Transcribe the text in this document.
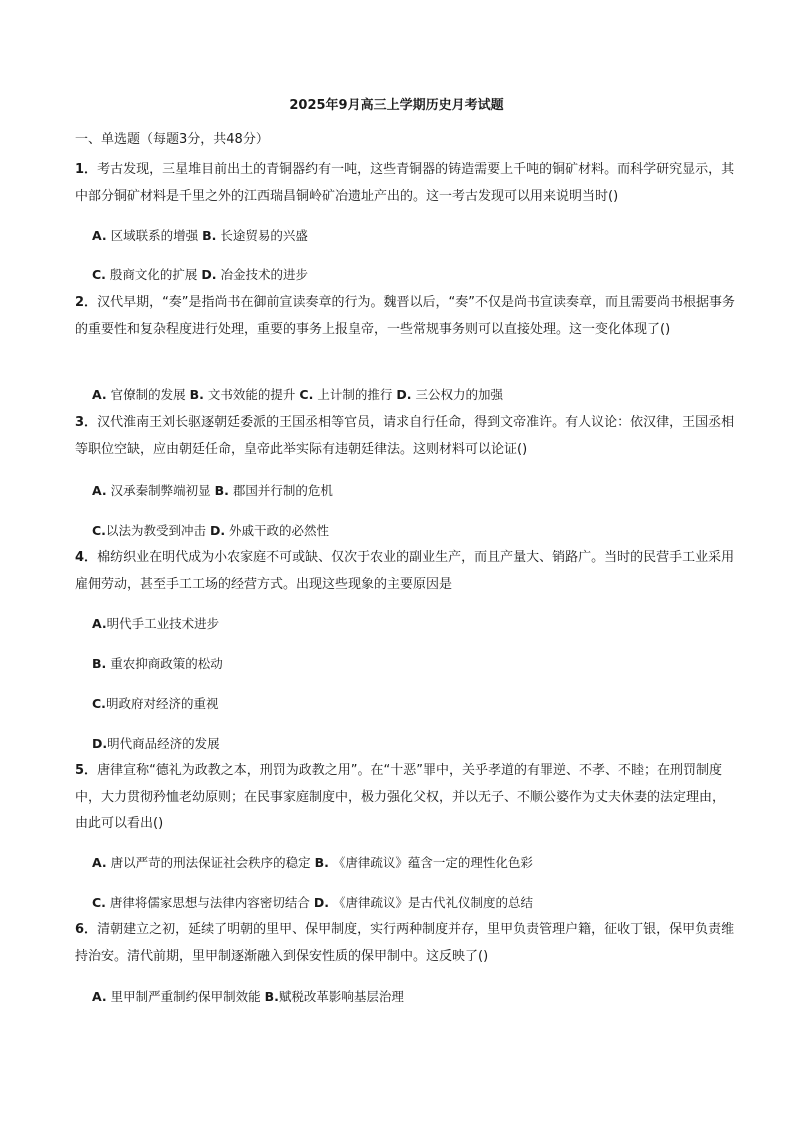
2025年9月高三上学期历史月考试题
一、单选题（每题3分，共48分）

1．考古发现，三星堆目前出土的青铜器约有一吨，这些青铜器的铸造需要上千吨的铜矿材料。而科学研究显示，其中部分铜矿材料是千里之外的江西瑞昌铜岭矿冶遗址产出的。这一考古发现可以用来说明当时()

A. 区域联系的增强 B. 长途贸易的兴盛
C. 殷商文化的扩展 D. 冶金技术的进步

2．汉代早期，“奏”是指尚书在御前宣读奏章的行为。魏晋以后，“奏”不仅是尚书宣读奏章，而且需要尚书根据事务的重要性和复杂程度进行处理，重要的事务上报皇帝，一些常规事务则可以直接处理。这一变化体现了()

A. 官僚制的发展 B. 文书效能的提升 C. 上计制的推行 D. 三公权力的加强

3．汉代淮南王刘长驱逐朝廷委派的王国丞相等官员，请求自行任命，得到文帝准许。有人议论：依汉律，王国丞相等职位空缺，应由朝廷任命，皇帝此举实际有违朝廷律法。这则材料可以论证()

A. 汉承秦制弊端初显 B. 郡国并行制的危机
C.以法为教受到冲击 D. 外戚干政的必然性

4．棉纺织业在明代成为小农家庭不可或缺、仅次于农业的副业生产，而且产量大、销路广。当时的民营手工业采用雇佣劳动，甚至手工工场的经营方式。出现这些现象的主要原因是

A.明代手工业技术进步
B. 重农抑商政策的松动
C.明政府对经济的重视
D.明代商品经济的发展

5．唐律宣称“德礼为政教之本，刑罚为政教之用”。在“十恶”罪中，关乎孝道的有罪逆、不孝、不睦；在刑罚制度中，大力贯彻矜恤老幼原则；在民事家庭制度中，极力强化父权，并以无子、不顺公婆作为丈夫休妻的法定理由，由此可以看出()

A. 唐以严苛的刑法保证社会秩序的稳定 B. 《唐律疏议》蕴含一定的理性化色彩
C. 唐律将儒家思想与法律内容密切结合 D. 《唐律疏议》是古代礼仪制度的总结

6．清朝建立之初，延续了明朝的里甲、保甲制度，实行两种制度并存，里甲负责管理户籍，征收丁银，保甲负责维持治安。清代前期，里甲制逐渐融入到保安性质的保甲制中。这反映了()

A. 里甲制严重制约保甲制效能 B.赋税改革影响基层治理
